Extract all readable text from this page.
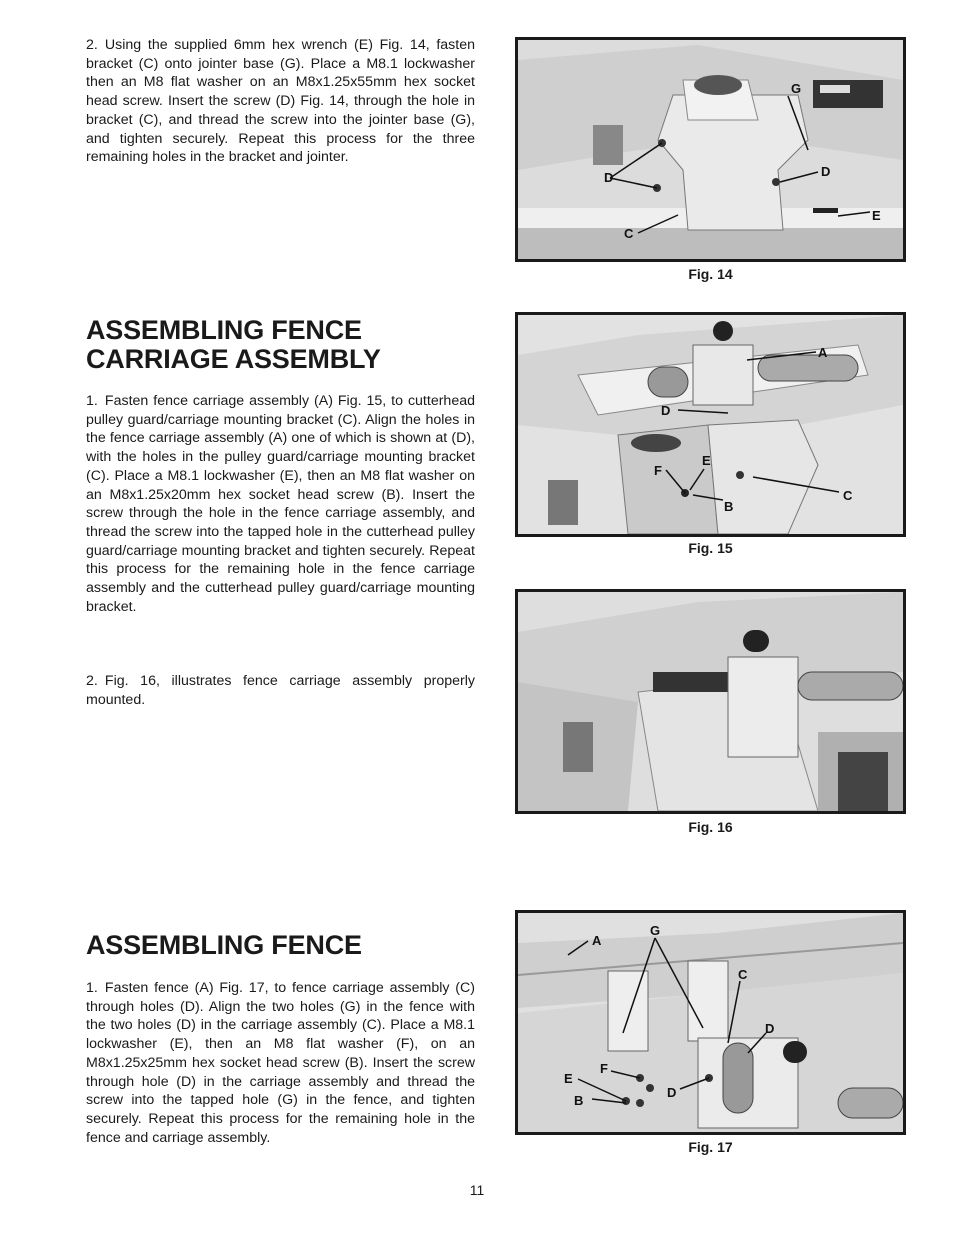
2. Using the supplied 6mm hex wrench (E) Fig. 14, fasten bracket (C) onto jointer base (G). Place a M8.1 lockwasher then an M8 flat washer on an M8x1.25x55mm hex socket head screw. Insert the screw (D) Fig. 14, through the hole in bracket (C), and thread the screw into the jointer base (G), and tighten securely. Repeat this process for the three remaining holes in the bracket and jointer.

ASSEMBLING FENCE
CARRIAGE ASSEMBLY

1. Fasten fence carriage assembly (A) Fig. 15, to cutterhead pulley guard/carriage mounting bracket (C). Align the holes in the fence carriage assembly (A) one of which is shown at (D), with the holes in the pulley guard/carriage mounting bracket (C). Place a M8.1 lockwasher (E), then an M8 flat washer on an M8x1.25x20mm hex socket head screw (B). Insert the screw through the hole in the fence carriage assembly, and thread the screw into the tapped hole in the cutterhead pulley guard/carriage mounting bracket and tighten securely. Repeat this process for the remaining hole in the fence carriage assembly and the cutterhead pulley guard/carriage mounting bracket.

2. Fig. 16, illustrates fence carriage assembly properly mounted.

ASSEMBLING FENCE

1. Fasten fence (A) Fig. 17, to fence carriage assembly (C) through holes (D). Align the two holes (G) in the fence with the two holes (D) in the carriage assembly (C). Place a M8.1 lockwasher (E), then an M8 flat washer (F), on an M8x1.25x25mm hex socket head screw (B). Insert the screw through hole (D) in the carriage assembly and thread the screw into the tapped hole (G) in the fence, and tighten securely. Repeat this process for the remaining hole in the fence and carriage assembly.

G
D	D
C
E
Fig. 14
A
D
F
E
B
C
Fig. 15
Fig. 16
A
G
C
D
E
F
D
B
Fig. 17
11
